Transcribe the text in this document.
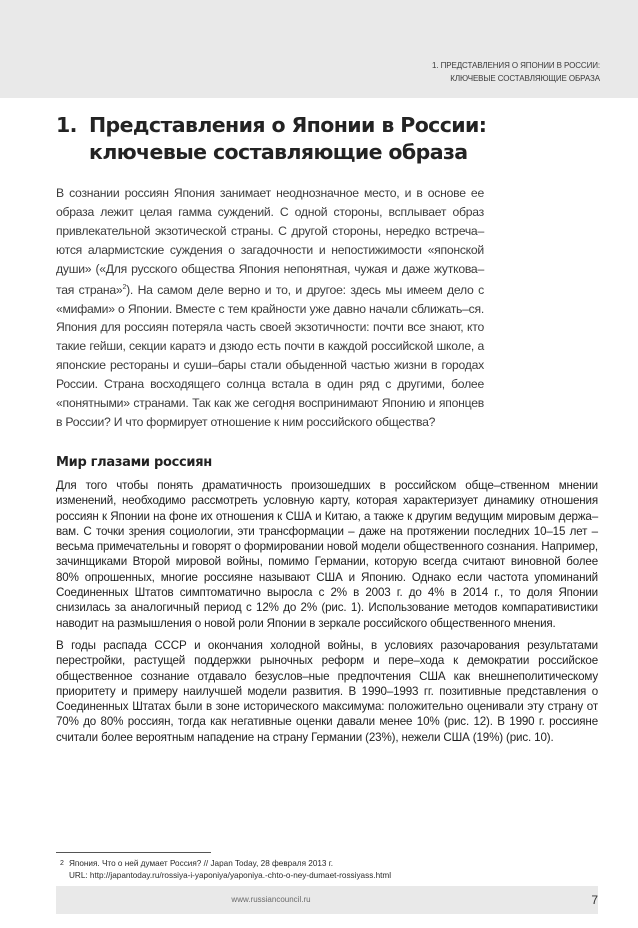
1. ПРЕДСТАВЛЕНИЯ О ЯПОНИИ В РОССИИ:
КЛЮЧЕВЫЕ СОСТАВЛЯЮЩИЕ ОБРАЗА
1. Представления о Японии в России:
ключевые составляющие образа

В сознании россиян Япония занимает неоднозначное место, и в основе ее образа лежит целая гамма суждений. С одной стороны, всплывает образ привлекательной экзотической страны. С другой стороны, нередко встреча–ются алармистские суждения о загадочности и непостижимости «японской души» («Для русского общества Япония непонятная, чужая и даже жуткова–тая страна»$^2$). На самом деле верно и то, и другое: здесь мы имеем дело с «мифами» о Японии. Вместе с тем крайности уже давно начали сближать–ся. Япония для россиян потеряла часть своей экзотичности: почти все знают, кто такие гейши, секции каратэ и дзюдо есть почти в каждой российской школе, а японские рестораны и суши–бары стали обыденной частью жизни в городах России. Страна восходящего солнца встала в один ряд с другими, более «понятными» странами. Так как же сегодня воспринимают Японию и японцев в России? И что формирует отношение к ним российского общества?

Мир глазами россиян

Для того чтобы понять драматичность произошедших в российском обще–ственном мнении изменений, необходимо рассмотреть условную карту, которая характеризует динамику отношения россиян к Японии на фоне их отношения к США и Китаю, а также к другим ведущим мировым держа–вам. С точки зрения социологии, эти трансформации – даже на протяжении последних 10–15 лет – весьма примечательны и говорят о формировании новой модели общественного сознания. Например, зачинщиками Второй мировой войны, помимо Германии, которую всегда считают виновной более 80% опрошенных, многие россияне называют США и Японию. Однако если частота упоминаний Соединенных Штатов симптоматично выросла с 2% в 2003 г. до 4% в 2014 г., то доля Японии снизилась за аналогичный период с 12% до 2% (рис. 1). Использование методов компаративистики наводит на размышления о новой роли Японии в зеркале российского общественного мнения.

В годы распада СССР и окончания холодной войны, в условиях разочарования результатами перестройки, растущей поддержки рыночных реформ и пере–хода к демократии российское общественное сознание отдавало безуслов–ные предпочтения США как внешнеполитическому приоритету и примеру наилучшей модели развития. В 1990–1993 гг. позитивные представления о Соединенных Штатах были в зоне исторического максимума: положительно оценивали эту страну от 70% до 80% россиян, тогда как негативные оценки давали менее 10% (рис. 12). В 1990 г. россияне считали более вероятным нападение на страну Германии (23%), нежели США (19%) (рис. 10).

2 Япония. Что о ней думает Россия? // Japan Today, 28 февраля 2013 г.
URL: http://japantoday.ru/rossiya-i-yaponiya/yaponiya.-chto-o-ney-dumaet-rossiyass.html
www.russiancouncil.ru	7
